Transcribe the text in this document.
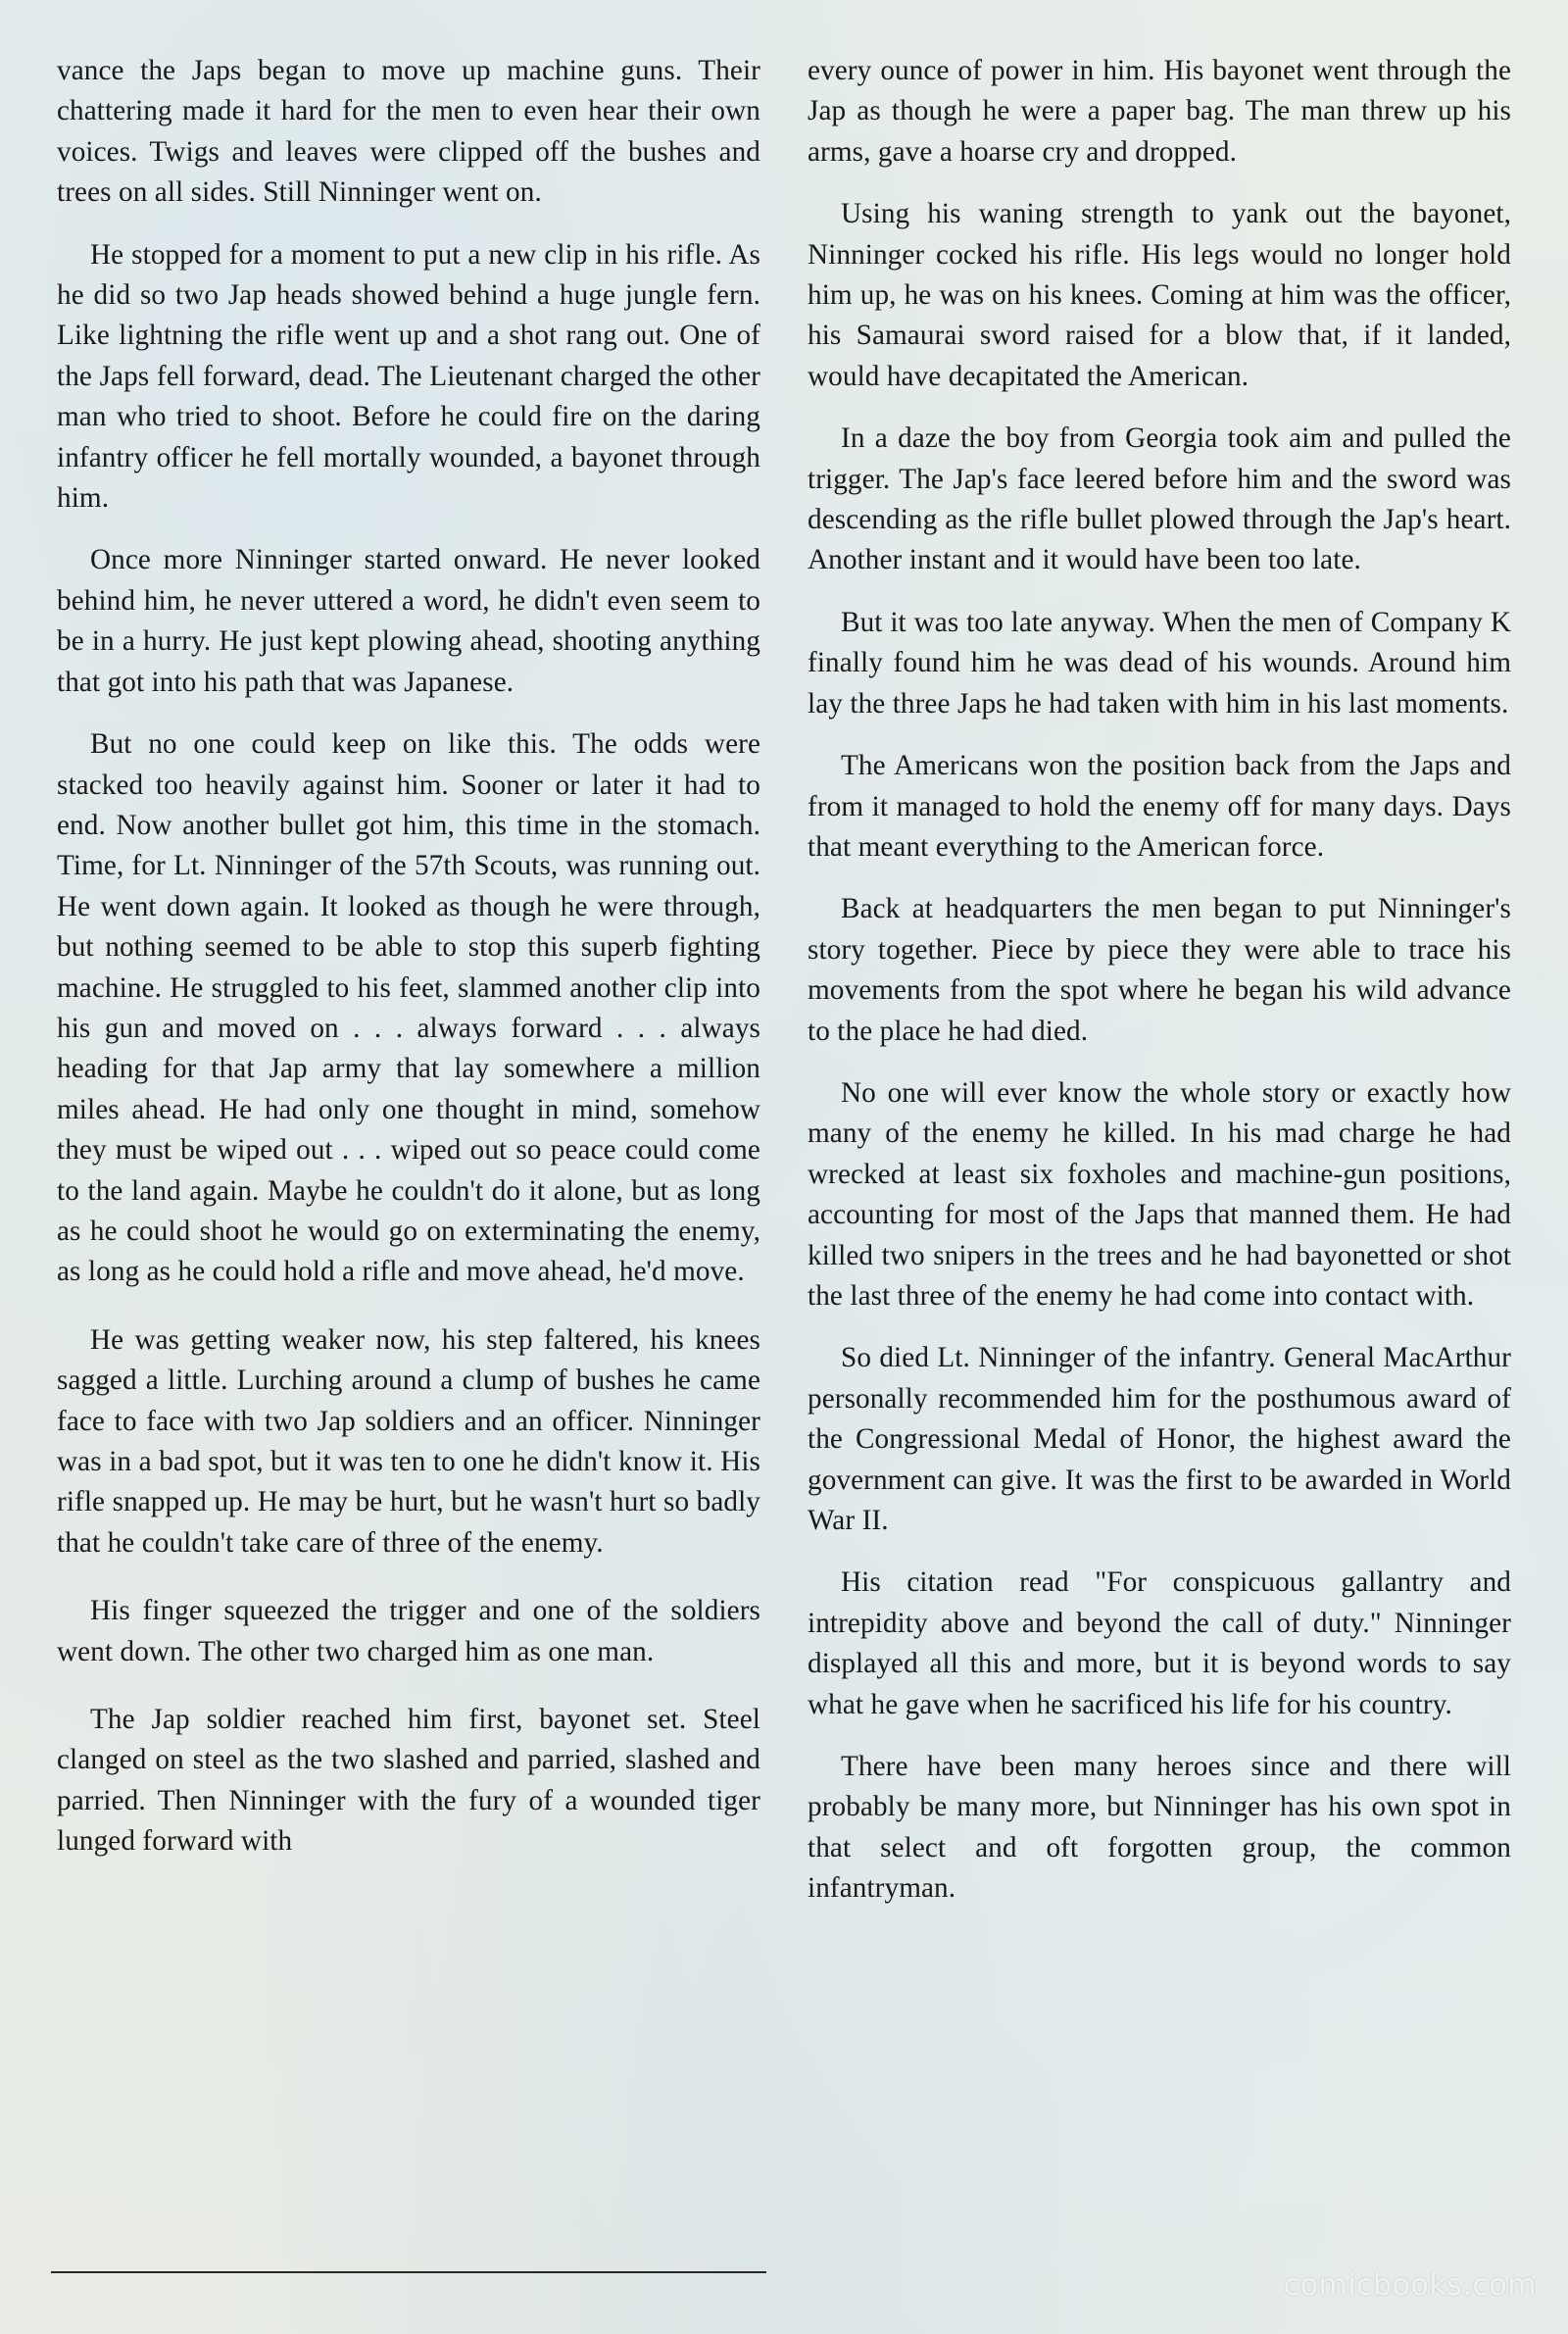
vance the Japs began to move up machine guns. Their chattering made it hard for the men to even hear their own voices. Twigs and leaves were clipped off the bushes and trees on all sides. Still Ninninger went on.

He stopped for a moment to put a new clip in his rifle. As he did so two Jap heads showed behind a huge jungle fern. Like lightning the rifle went up and a shot rang out. One of the Japs fell forward, dead. The Lieutenant charged the other man who tried to shoot. Before he could fire on the daring infantry officer he fell mortally wounded, a bayonet through him.

Once more Ninninger started onward. He never looked behind him, he never uttered a word, he didn't even seem to be in a hurry. He just kept plowing ahead, shooting anything that got into his path that was Japanese.

But no one could keep on like this. The odds were stacked too heavily against him. Sooner or later it had to end. Now another bullet got him, this time in the stomach. Time, for Lt. Ninninger of the 57th Scouts, was running out. He went down again. It looked as though he were through, but nothing seemed to be able to stop this superb fighting machine. He struggled to his feet, slammed another clip into his gun and moved on . . . always forward . . . always heading for that Jap army that lay somewhere a million miles ahead. He had only one thought in mind, somehow they must be wiped out . . . wiped out so peace could come to the land again. Maybe he couldn't do it alone, but as long as he could shoot he would go on exterminating the enemy, as long as he could hold a rifle and move ahead, he'd move.

He was getting weaker now, his step faltered, his knees sagged a little. Lurching around a clump of bushes he came face to face with two Jap soldiers and an officer. Ninninger was in a bad spot, but it was ten to one he didn't know it. His rifle snapped up. He may be hurt, but he wasn't hurt so badly that he couldn't take care of three of the enemy.

His finger squeezed the trigger and one of the soldiers went down. The other two charged him as one man.

The Jap soldier reached him first, bayonet set. Steel clanged on steel as the two slashed and parried, slashed and parried. Then Ninninger with the fury of a wounded tiger lunged forward with

every ounce of power in him. His bayonet went through the Jap as though he were a paper bag. The man threw up his arms, gave a hoarse cry and dropped.

Using his waning strength to yank out the bayonet, Ninninger cocked his rifle. His legs would no longer hold him up, he was on his knees. Coming at him was the officer, his Samaurai sword raised for a blow that, if it landed, would have decapitated the American.

In a daze the boy from Georgia took aim and pulled the trigger. The Jap's face leered before him and the sword was descending as the rifle bullet plowed through the Jap's heart. Another instant and it would have been too late.

But it was too late anyway. When the men of Company K finally found him he was dead of his wounds. Around him lay the three Japs he had taken with him in his last moments.

The Americans won the position back from the Japs and from it managed to hold the enemy off for many days. Days that meant everything to the American force.

Back at headquarters the men began to put Ninninger's story together. Piece by piece they were able to trace his movements from the spot where he began his wild advance to the place he had died.

No one will ever know the whole story or exactly how many of the enemy he killed. In his mad charge he had wrecked at least six foxholes and machine-gun positions, accounting for most of the Japs that manned them. He had killed two snipers in the trees and he had bayonetted or shot the last three of the enemy he had come into contact with.

So died Lt. Ninninger of the infantry. General MacArthur personally recommended him for the posthumous award of the Congressional Medal of Honor, the highest award the government can give. It was the first to be awarded in World War II.

His citation read "For conspicuous gallantry and intrepidity above and beyond the call of duty." Ninninger displayed all this and more, but it is beyond words to say what he gave when he sacrificed his life for his country.

There have been many heroes since and there will probably be many more, but Ninninger has his own spot in that select and oft forgotten group, the common infantryman.

comicbooks.com
